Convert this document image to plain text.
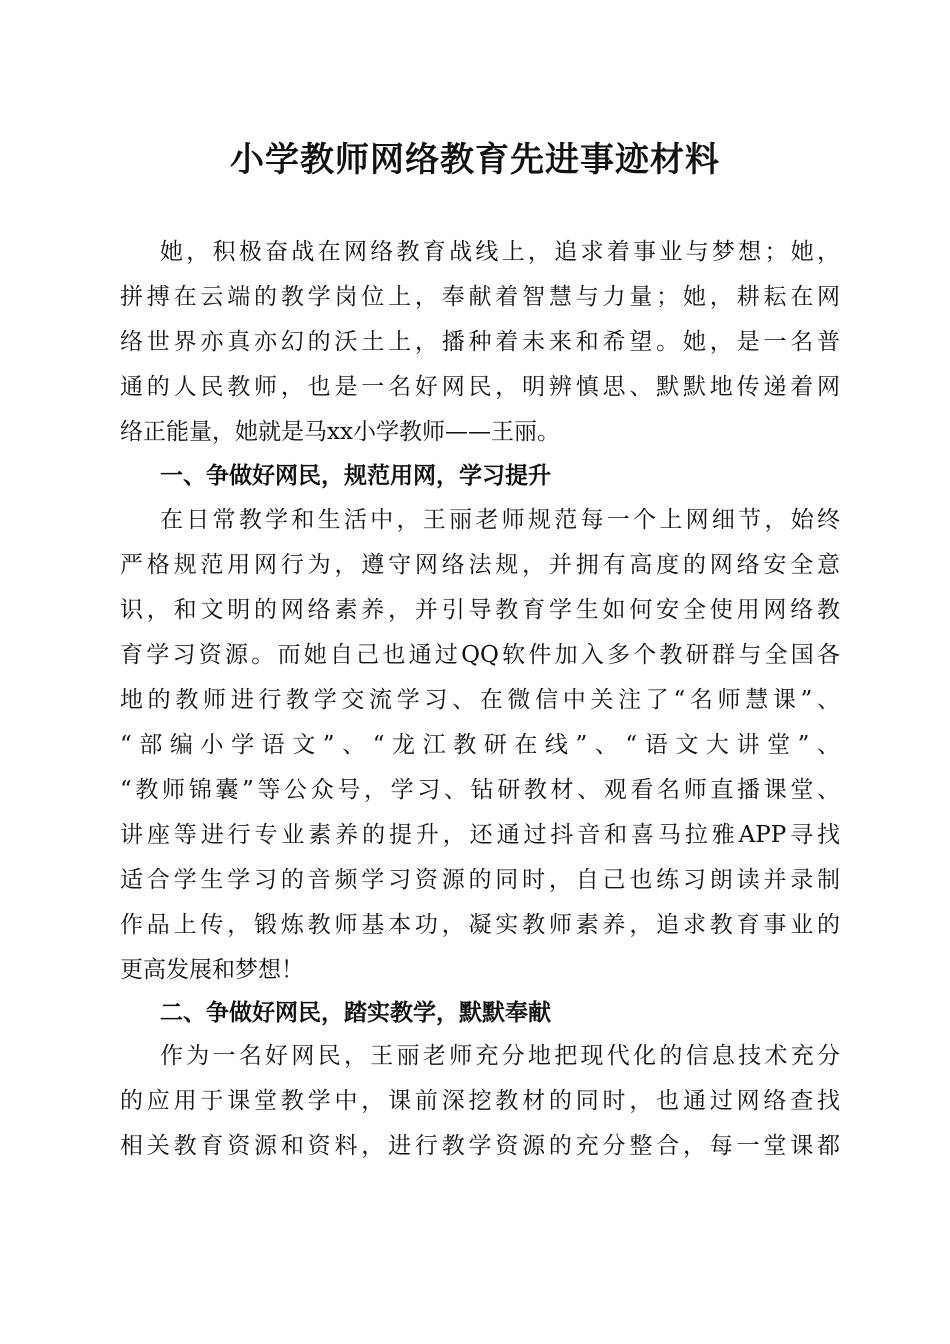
小学教师网络教育先进事迹材料

她，积极奋战在网络教育战线上，追求着事业与梦想；她，

拼搏在云端的教学岗位上，奉献着智慧与力量；她，耕耘在网

络世界亦真亦幻的沃土上，播种着未来和希望。她，是一名普

通的人民教师，也是一名好网民，明辨慎思、默默地传递着网

络正能量，她就是马xx小学教师——王丽。

一、争做好网民，规范用网，学习提升

在日常教学和生活中，王丽老师规范每一个上网细节，始终

严格规范用网行为，遵守网络法规，并拥有高度的网络安全意

识，和文明的网络素养，并引导教育学生如何安全使用网络教

育学习资源。而她自己也通过QQ软件加入多个教研群与全国各

地的教师进行教学交流学习、在微信中关注了“名师慧课”、

“部编小学语文”、“龙江教研在线”、“语文大讲堂”、

“教师锦囊”等公众号，学习、钻研教材、观看名师直播课堂、

讲座等进行专业素养的提升，还通过抖音和喜马拉雅APP寻找

适合学生学习的音频学习资源的同时，自己也练习朗读并录制

作品上传，锻炼教师基本功，凝实教师素养，追求教育事业的

更高发展和梦想！

二、争做好网民，踏实教学，默默奉献

作为一名好网民，王丽老师充分地把现代化的信息技术充分

的应用于课堂教学中，课前深挖教材的同时，也通过网络查找

相关教育资源和资料，进行教学资源的充分整合，每一堂课都
